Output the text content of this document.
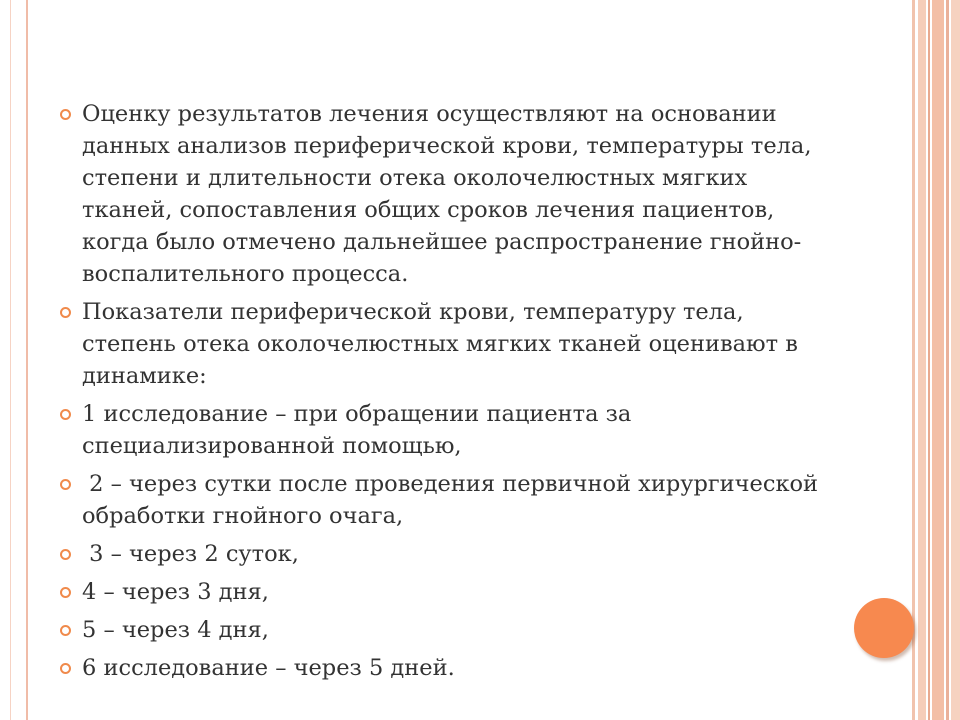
Оценку результатов лечения осуществляют на основании данных анализов периферической крови, температуры тела, степени и длительности отека околочелюстных мягких тканей, сопоставления общих сроков лечения пациентов, когда было отмечено дальнейшее распространение гнойно-воспалительного процесса.
Показатели периферической крови, температуру тела, степень отека околочелюстных мягких тканей оценивают в динамике:
1 исследование – при обращении пациента за специализированной помощью,
2 – через сутки после проведения первичной хирургической обработки гнойного очага,
3 – через 2 суток,
4 – через 3 дня,
5 – через 4 дня,
6 исследование – через 5 дней.
